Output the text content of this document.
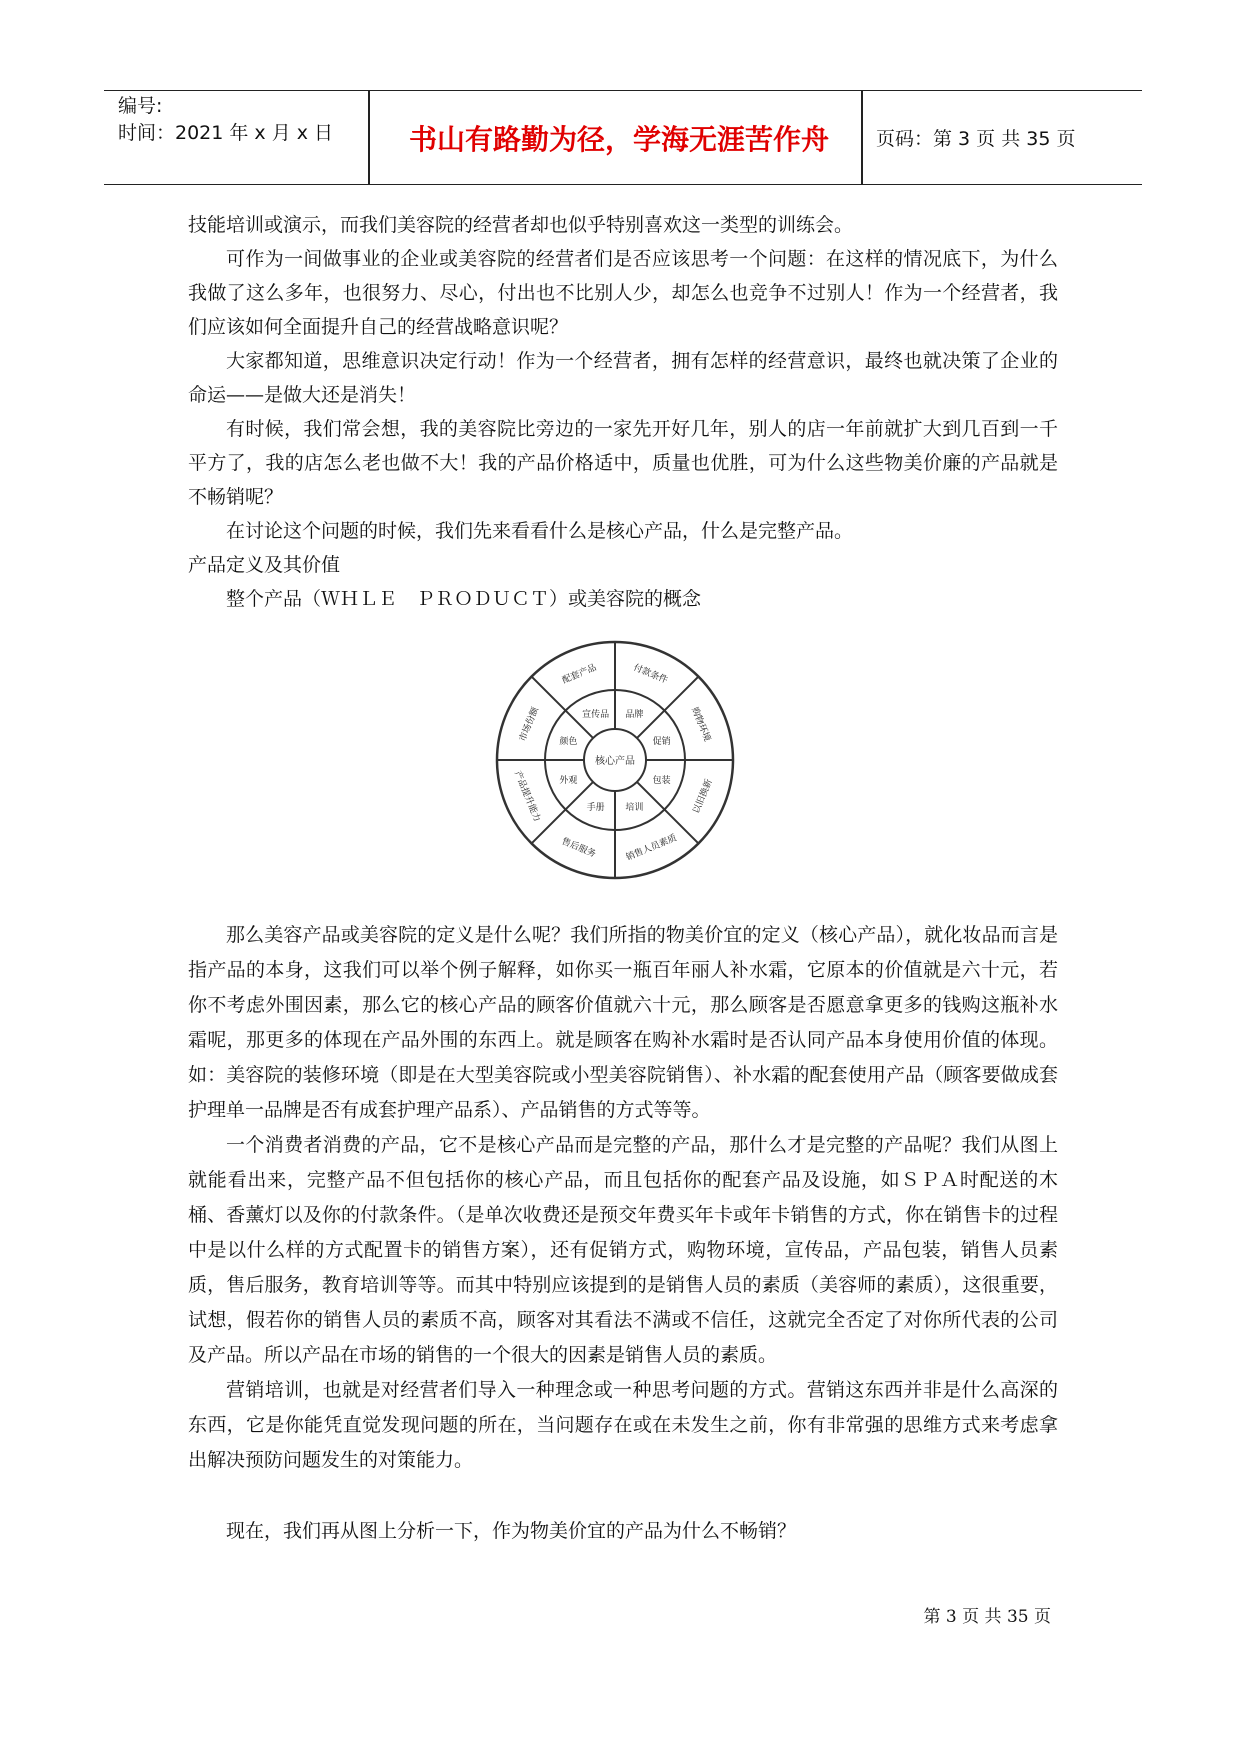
编号:
时间：2021 年 x 月 x 日	书山有路勤为径，学海无涯苦作舟	页码：第 3 页 共 35 页

技能培训或演示，而我们美容院的经营者却也似乎特别喜欢这一类型的训练会。

可作为一间做事业的企业或美容院的经营者们是否应该思考一个问题：在这样的情况底下，为什么我做了这么多年，也很努力、尽心，付出也不比别人少，却怎么也竞争不过别人！作为一个经营者，我们应该如何全面提升自己的经营战略意识呢？

大家都知道，思维意识决定行动！作为一个经营者，拥有怎样的经营意识，最终也就决策了企业的命运——是做大还是消失！

有时候，我们常会想，我的美容院比旁边的一家先开好几年，别人的店一年前就扩大到几百到一千平方了，我的店怎么老也做不大！我的产品价格适中，质量也优胜，可为什么这些物美价廉的产品就是不畅销呢？

在讨论这个问题的时候，我们先来看看什么是核心产品，什么是完整产品。

产品定义及其价值

整个产品（ＷＨＬＥ　ＰＲＯＤＵＣＴ）或美容院的概念

核心产品
品牌
促销
包装
培训
手册
外观
颜色
宣传品
付款条件
购物环境
以旧换新
销售人员素质
售后服务
产品提升能力
市场份额
配套产品

那么美容产品或美容院的定义是什么呢？我们所指的物美价宜的定义（核心产品），就化妆品而言是指产品的本身，这我们可以举个例子解释，如你买一瓶百年丽人补水霜，它原本的价值就是六十元，若你不考虑外围因素，那么它的核心产品的顾客价值就六十元，那么顾客是否愿意拿更多的钱购这瓶补水霜呢，那更多的体现在产品外围的东西上。就是顾客在购补水霜时是否认同产品本身使用价值的体现。如：美容院的装修环境（即是在大型美容院或小型美容院销售）、补水霜的配套使用产品（顾客要做成套护理单一品牌是否有成套护理产品系）、产品销售的方式等等。

一个消费者消费的产品，它不是核心产品而是完整的产品，那什么才是完整的产品呢？我们从图上就能看出来，完整产品不但包括你的核心产品，而且包括你的配套产品及设施，如ＳＰＡ时配送的木桶、香薰灯以及你的付款条件。（是单次收费还是预交年费买年卡或年卡销售的方式，你在销售卡的过程中是以什么样的方式配置卡的销售方案），还有促销方式，购物环境，宣传品，产品包装，销售人员素质，售后服务，教育培训等等。而其中特别应该提到的是销售人员的素质（美容师的素质），这很重要，试想，假若你的销售人员的素质不高，顾客对其看法不满或不信任，这就完全否定了对你所代表的公司及产品。所以产品在市场的销售的一个很大的因素是销售人员的素质。

营销培训，也就是对经营者们导入一种理念或一种思考问题的方式。营销这东西并非是什么高深的东西，它是你能凭直觉发现问题的所在，当问题存在或在未发生之前，你有非常强的思维方式来考虑拿出解决预防问题发生的对策能力。

现在，我们再从图上分析一下，作为物美价宜的产品为什么不畅销？

第 3 页 共 35 页
